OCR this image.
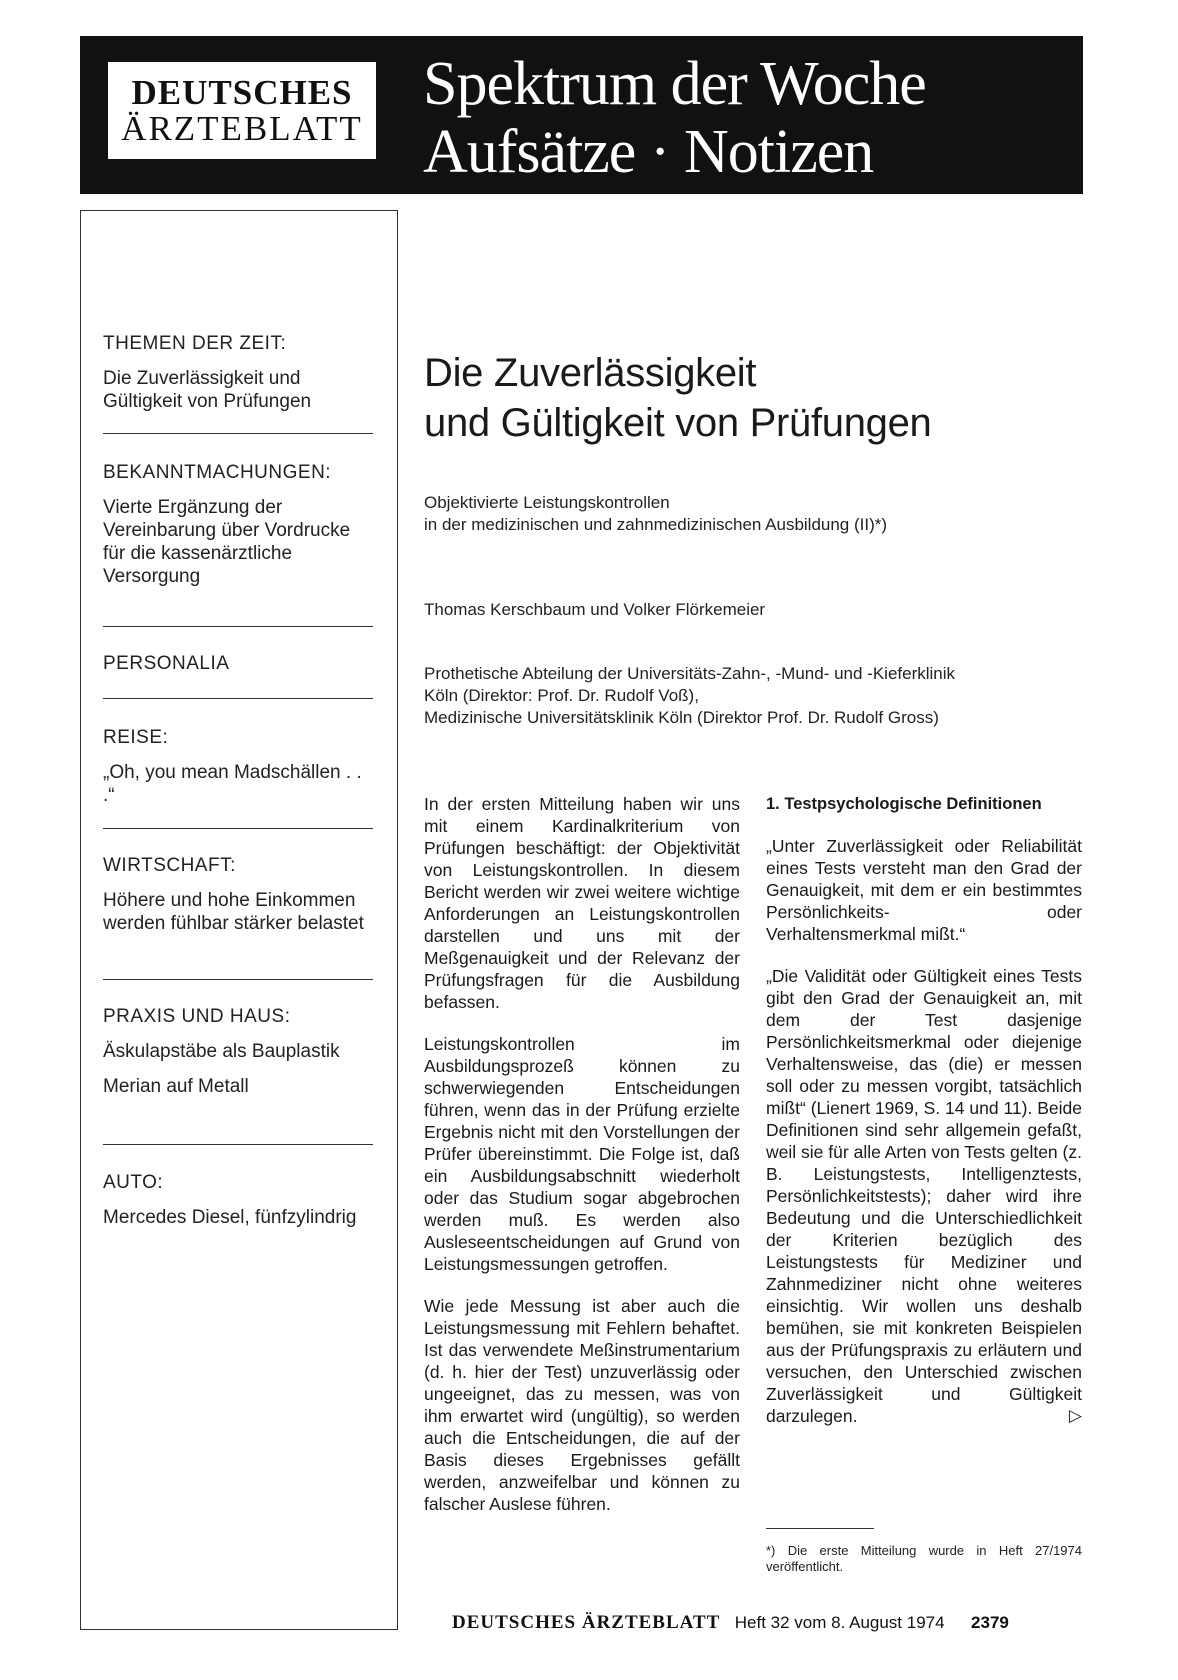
DEUTSCHES
ÄRZTEBLATT
Spektrum der Woche
Aufsätze · Notizen
THEMEN DER ZEIT:
Die Zuverlässigkeit und Gültigkeit von Prüfungen
BEKANNTMACHUNGEN:
Vierte Ergänzung der Vereinbarung über Vordrucke für die kassenärztliche Versorgung
PERSONALIA
REISE:
„Oh, you mean Madschällen . . .“
WIRTSCHAFT:
Höhere und hohe Einkommen werden fühlbar stärker belastet
PRAXIS UND HAUS:
Äskulapstäbe als Bauplastik
Merian auf Metall
AUTO:
Mercedes Diesel, fünfzylindrig
Die Zuverlässigkeit
und Gültigkeit von Prüfungen
Objektivierte Leistungskontrollen
in der medizinischen und zahnmedizinischen Ausbildung (II)*)
Thomas Kerschbaum und Volker Flörkemeier
Prothetische Abteilung der Universitäts-Zahn-, -Mund- und -Kieferklinik
Köln (Direktor: Prof. Dr. Rudolf Voß),
Medizinische Universitätsklinik Köln (Direktor Prof. Dr. Rudolf Gross)

In der ersten Mitteilung haben wir uns mit einem Kardinalkriterium von Prüfungen beschäftigt: der Objektivität von Leistungskontrollen. In diesem Bericht werden wir zwei weitere wichtige Anforderungen an Leistungskontrollen darstellen und uns mit der Meßgenauigkeit und der Relevanz der Prüfungsfragen für die Ausbildung befassen.

Leistungskontrollen im Ausbildungsprozeß können zu schwerwiegenden Entscheidungen führen, wenn das in der Prüfung erzielte Ergebnis nicht mit den Vorstellungen der Prüfer übereinstimmt. Die Folge ist, daß ein Ausbildungsabschnitt wiederholt oder das Studium sogar abgebrochen werden muß. Es werden also Ausleseentscheidungen auf Grund von Leistungsmessungen getroffen.

Wie jede Messung ist aber auch die Leistungsmessung mit Fehlern behaftet. Ist das verwendete Meßinstrumentarium (d. h. hier der Test) unzuverlässig oder ungeeignet, das zu messen, was von ihm erwartet wird (ungültig), so werden auch die Entscheidungen, die auf der Basis dieses Ergebnisses gefällt werden, anzweifelbar und können zu falscher Auslese führen.

1. Testpsychologische Definitionen

„Unter Zuverlässigkeit oder Reliabilität eines Tests versteht man den Grad der Genauigkeit, mit dem er ein bestimmtes Persönlichkeits- oder Verhaltensmerkmal mißt.“

„Die Validität oder Gültigkeit eines Tests gibt den Grad der Genauigkeit an, mit dem der Test dasjenige Persönlichkeitsmerkmal oder diejenige Verhaltensweise, das (die) er messen soll oder zu messen vorgibt, tatsächlich mißt“ (Lienert 1969, S. 14 und 11). Beide Definitionen sind sehr allgemein gefaßt, weil sie für alle Arten von Tests gelten (z. B. Leistungstests, Intelligenztests, Persönlichkeitstests); daher wird ihre Bedeutung und die Unterschiedlichkeit der Kriterien bezüglich des Leistungstests für Mediziner und Zahnmediziner nicht ohne weiteres einsichtig. Wir wollen uns deshalb bemühen, sie mit konkreten Beispielen aus der Prüfungspraxis zu erläutern und versuchen, den Unterschied zwischen Zuverlässigkeit und Gültigkeit darzulegen.	▷

*) Die erste Mitteilung wurde in Heft 27/1974 veröffentlicht.
DEUTSCHES ÄRZTEBLATT Heft 32 vom 8. August 1974 2379
